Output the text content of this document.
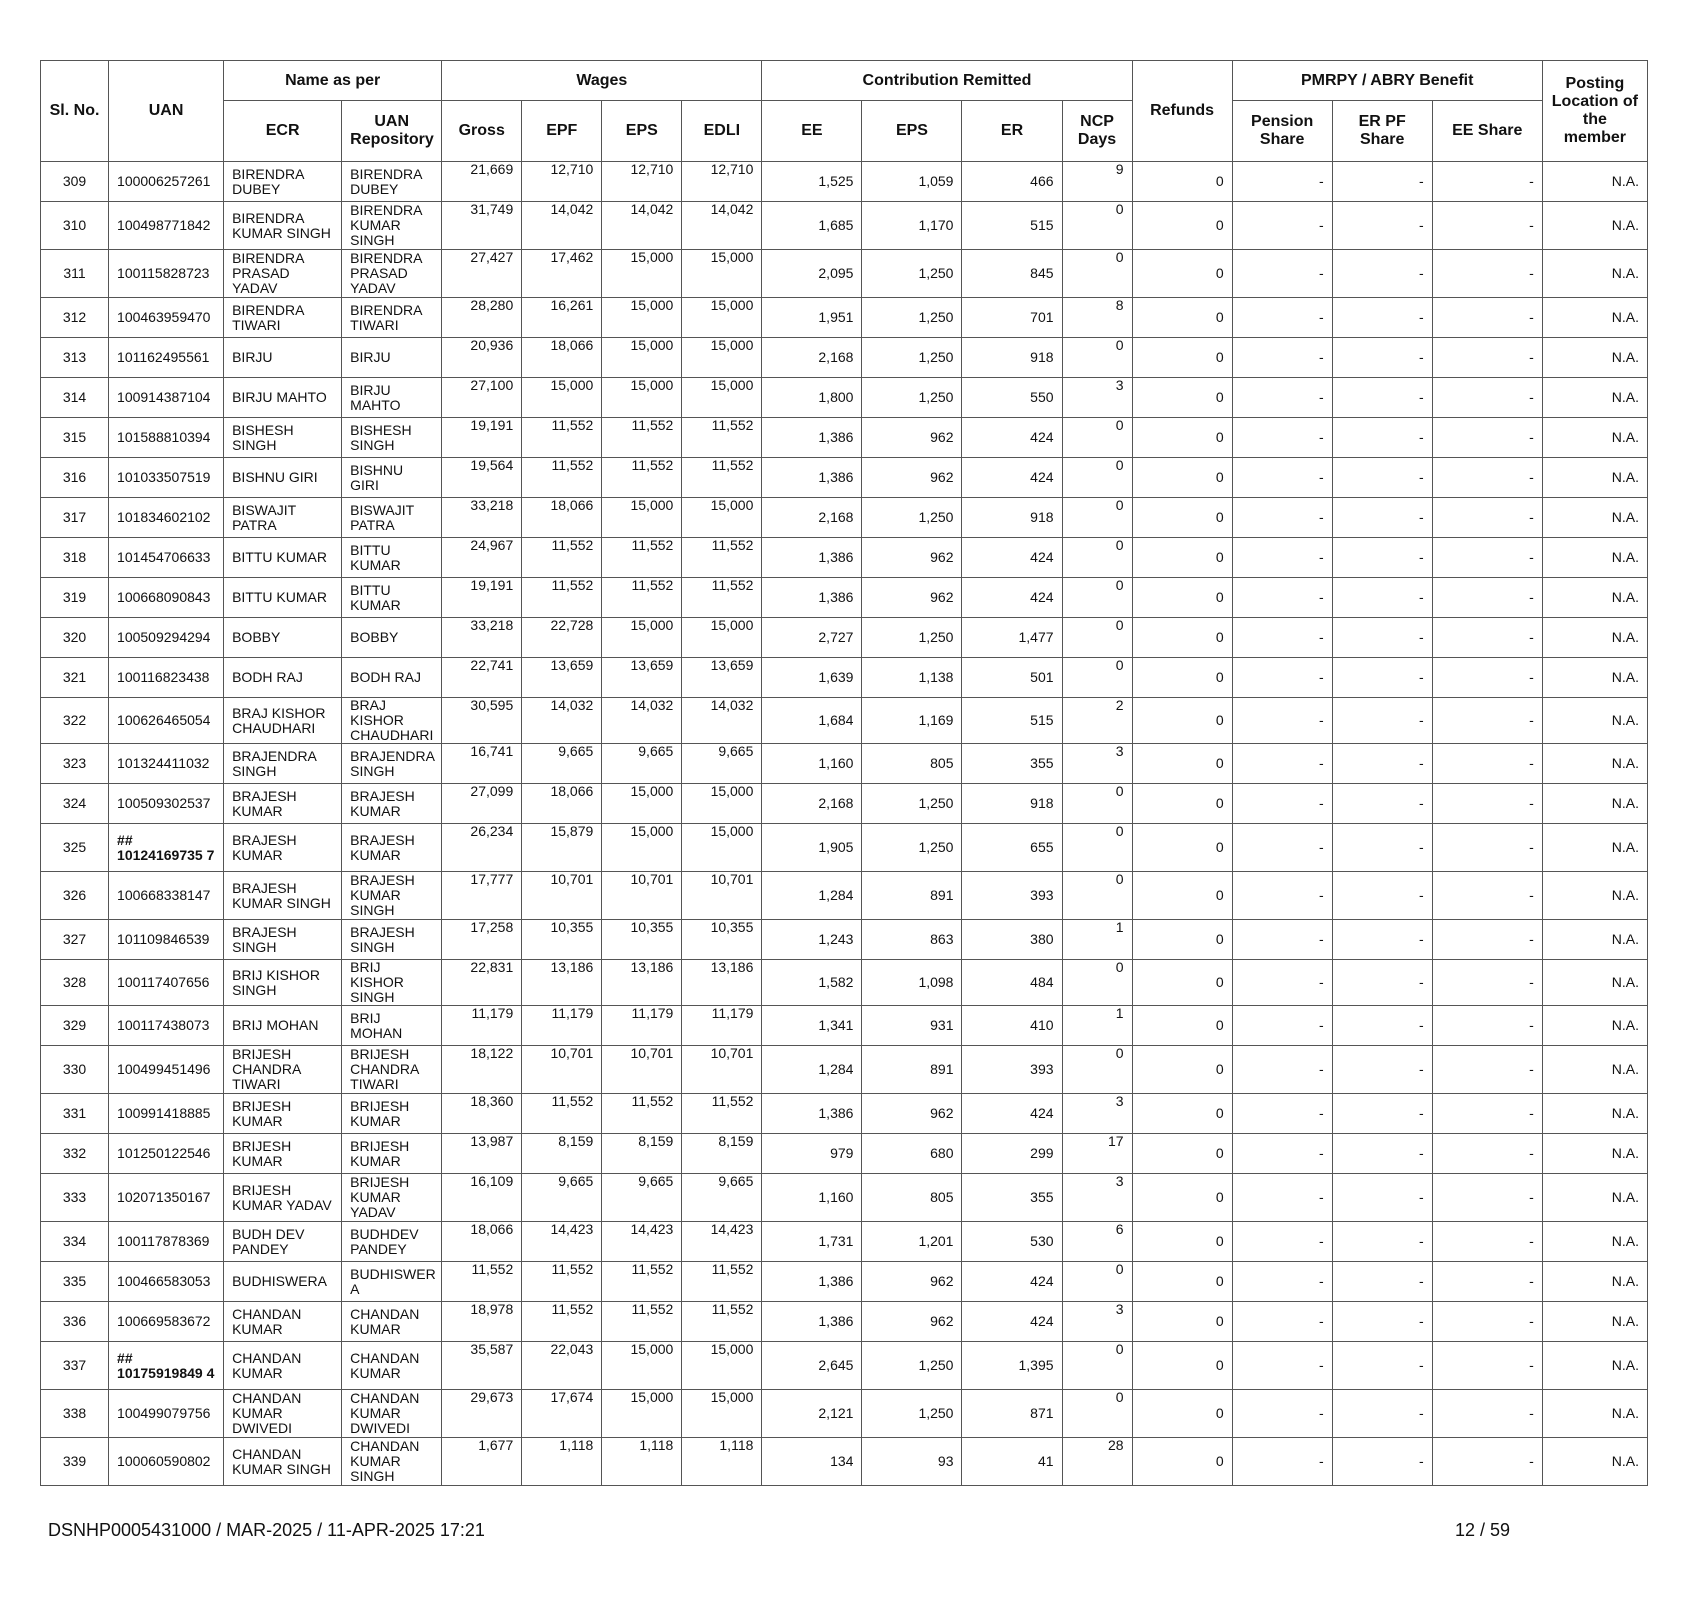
Sl. No.	UAN	Name as per		Wages				Contribution Remitted				Refunds	PMRPY / ABRY Benefit			Posting Location of the member
		ECR	UAN Repository	Gross	EPF	EPS	EDLI	EE	EPS	ER	NCP Days		Pension Share	ER PF Share	EE Share	
309	100006257261	BIRENDRA DUBEY	BIRENDRA DUBEY	21,669	12,710	12,710	12,710	1,525	1,059	466	9	0	-	-	-	N.A.
310	100498771842	BIRENDRA KUMAR SINGH	BIRENDRA KUMAR SINGH	31,749	14,042	14,042	14,042	1,685	1,170	515	0	0	-	-	-	N.A.
311	100115828723	BIRENDRA PRASAD YADAV	BIRENDRA PRASAD YADAV	27,427	17,462	15,000	15,000	2,095	1,250	845	0	0	-	-	-	N.A.
312	100463959470	BIRENDRA TIWARI	BIRENDRA TIWARI	28,280	16,261	15,000	15,000	1,951	1,250	701	8	0	-	-	-	N.A.
313	101162495561	BIRJU	BIRJU	20,936	18,066	15,000	15,000	2,168	1,250	918	0	0	-	-	-	N.A.
314	100914387104	BIRJU MAHTO	BIRJU MAHTO	27,100	15,000	15,000	15,000	1,800	1,250	550	3	0	-	-	-	N.A.
315	101588810394	BISHESH SINGH	BISHESH SINGH	19,191	11,552	11,552	11,552	1,386	962	424	0	0	-	-	-	N.A.
316	101033507519	BISHNU GIRI	BISHNU GIRI	19,564	11,552	11,552	11,552	1,386	962	424	0	0	-	-	-	N.A.
317	101834602102	BISWAJIT PATRA	BISWAJIT PATRA	33,218	18,066	15,000	15,000	2,168	1,250	918	0	0	-	-	-	N.A.
318	101454706633	BITTU KUMAR	BITTU KUMAR	24,967	11,552	11,552	11,552	1,386	962	424	0	0	-	-	-	N.A.
319	100668090843	BITTU KUMAR	BITTU KUMAR	19,191	11,552	11,552	11,552	1,386	962	424	0	0	-	-	-	N.A.
320	100509294294	BOBBY	BOBBY	33,218	22,728	15,000	15,000	2,727	1,250	1,477	0	0	-	-	-	N.A.
321	100116823438	BODH RAJ	BODH RAJ	22,741	13,659	13,659	13,659	1,639	1,138	501	0	0	-	-	-	N.A.
322	100626465054	BRAJ KISHOR CHAUDHARI	BRAJ KISHOR CHAUDHARI	30,595	14,032	14,032	14,032	1,684	1,169	515	2	0	-	-	-	N.A.
323	101324411032	BRAJENDRA SINGH	BRAJENDRA SINGH	16,741	9,665	9,665	9,665	1,160	805	355	3	0	-	-	-	N.A.
324	100509302537	BRAJESH KUMAR	BRAJESH KUMAR	27,099	18,066	15,000	15,000	2,168	1,250	918	0	0	-	-	-	N.A.
325	## 10124169735 7	BRAJESH KUMAR	BRAJESH KUMAR	26,234	15,879	15,000	15,000	1,905	1,250	655	0	0	-	-	-	N.A.
326	100668338147	BRAJESH KUMAR SINGH	BRAJESH KUMAR SINGH	17,777	10,701	10,701	10,701	1,284	891	393	0	0	-	-	-	N.A.
327	101109846539	BRAJESH SINGH	BRAJESH SINGH	17,258	10,355	10,355	10,355	1,243	863	380	1	0	-	-	-	N.A.
328	100117407656	BRIJ KISHOR SINGH	BRIJ KISHOR SINGH	22,831	13,186	13,186	13,186	1,582	1,098	484	0	0	-	-	-	N.A.
329	100117438073	BRIJ MOHAN	BRIJ MOHAN	11,179	11,179	11,179	11,179	1,341	931	410	1	0	-	-	-	N.A.
330	100499451496	BRIJESH CHANDRA TIWARI	BRIJESH CHANDRA TIWARI	18,122	10,701	10,701	10,701	1,284	891	393	0	0	-	-	-	N.A.
331	100991418885	BRIJESH KUMAR	BRIJESH KUMAR	18,360	11,552	11,552	11,552	1,386	962	424	3	0	-	-	-	N.A.
332	101250122546	BRIJESH KUMAR	BRIJESH KUMAR	13,987	8,159	8,159	8,159	979	680	299	17	0	-	-	-	N.A.
333	102071350167	BRIJESH KUMAR YADAV	BRIJESH KUMAR YADAV	16,109	9,665	9,665	9,665	1,160	805	355	3	0	-	-	-	N.A.
334	100117878369	BUDH DEV PANDEY	BUDHDEV PANDEY	18,066	14,423	14,423	14,423	1,731	1,201	530	6	0	-	-	-	N.A.
335	100466583053	BUDHISWERA	BUDHISWER A	11,552	11,552	11,552	11,552	1,386	962	424	0	0	-	-	-	N.A.
336	100669583672	CHANDAN KUMAR	CHANDAN KUMAR	18,978	11,552	11,552	11,552	1,386	962	424	3	0	-	-	-	N.A.
337	## 10175919849 4	CHANDAN KUMAR	CHANDAN KUMAR	35,587	22,043	15,000	15,000	2,645	1,250	1,395	0	0	-	-	-	N.A.
338	100499079756	CHANDAN KUMAR DWIVEDI	CHANDAN KUMAR DWIVEDI	29,673	17,674	15,000	15,000	2,121	1,250	871	0	0	-	-	-	N.A.
339	100060590802	CHANDAN KUMAR SINGH	CHANDAN KUMAR SINGH	1,677	1,118	1,118	1,118	134	93	41	28	0	-	-	-	N.A.
DSNHP0005431000 / MAR-2025 / 11-APR-2025 17:21	12 / 59
